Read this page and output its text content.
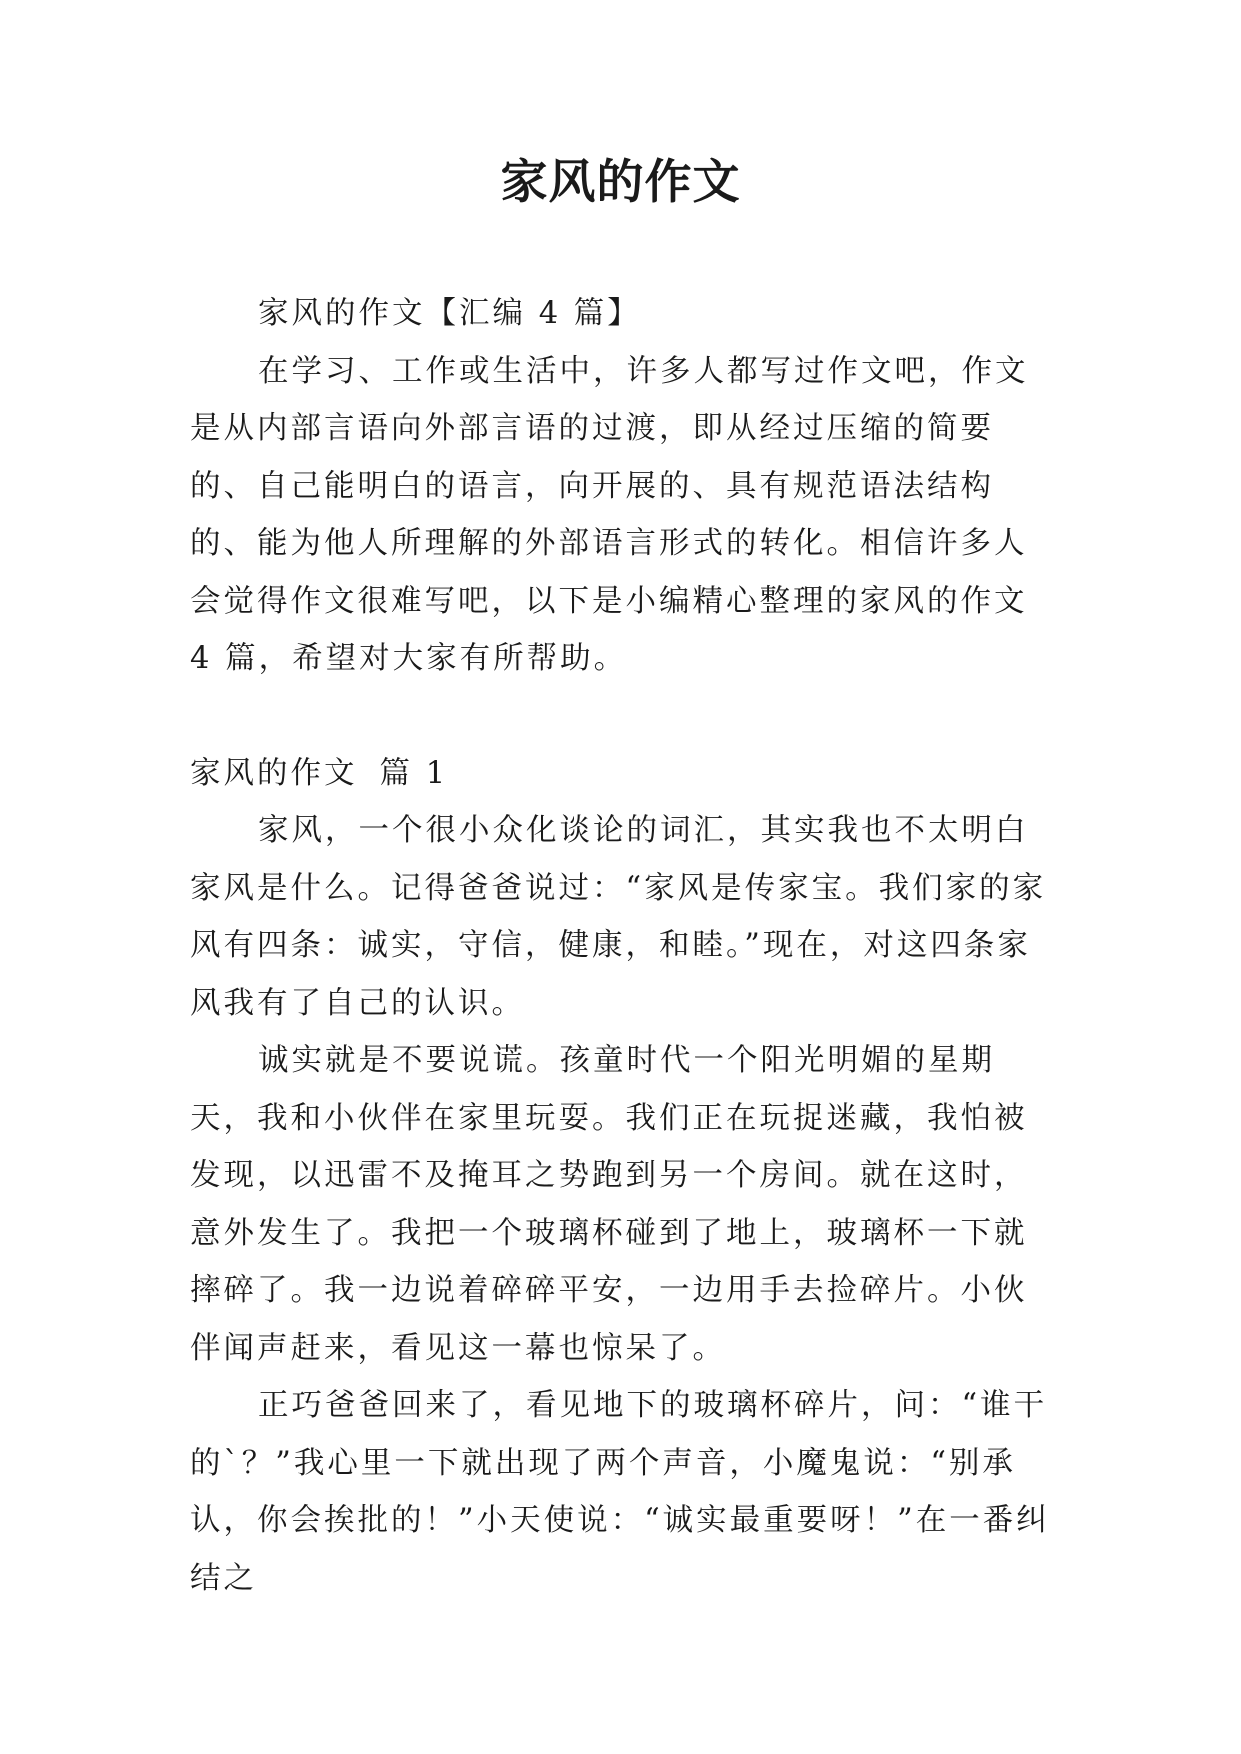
家风的作文

家风的作文【汇编 4 篇】

在学习、工作或生活中，许多人都写过作文吧，作文是从内部言语向外部言语的过渡，即从经过压缩的简要的、自己能明白的语言，向开展的、具有规范语法结构的、能为他人所理解的外部语言形式的转化。相信许多人会觉得作文很难写吧，以下是小编精心整理的家风的作文 4 篇，希望对大家有所帮助。

家风的作文 篇 1

家风，一个很小众化谈论的词汇，其实我也不太明白家风是什么。记得爸爸说过：“家风是传家宝。我们家的家风有四条：诚实，守信，健康，和睦。”现在，对这四条家风我有了自己的认识。

诚实就是不要说谎。孩童时代一个阳光明媚的星期天，我和小伙伴在家里玩耍。我们正在玩捉迷藏，我怕被发现，以迅雷不及掩耳之势跑到另一个房间。就在这时，意外发生了。我把一个玻璃杯碰到了地上，玻璃杯一下就摔碎了。我一边说着碎碎平安，一边用手去捡碎片。小伙伴闻声赶来，看见这一幕也惊呆了。

正巧爸爸回来了，看见地下的玻璃杯碎片，问：“谁干的`？”我心里一下就出现了两个声音，小魔鬼说：“别承认，你会挨批的！”小天使说：“诚实最重要呀！”在一番纠结之
